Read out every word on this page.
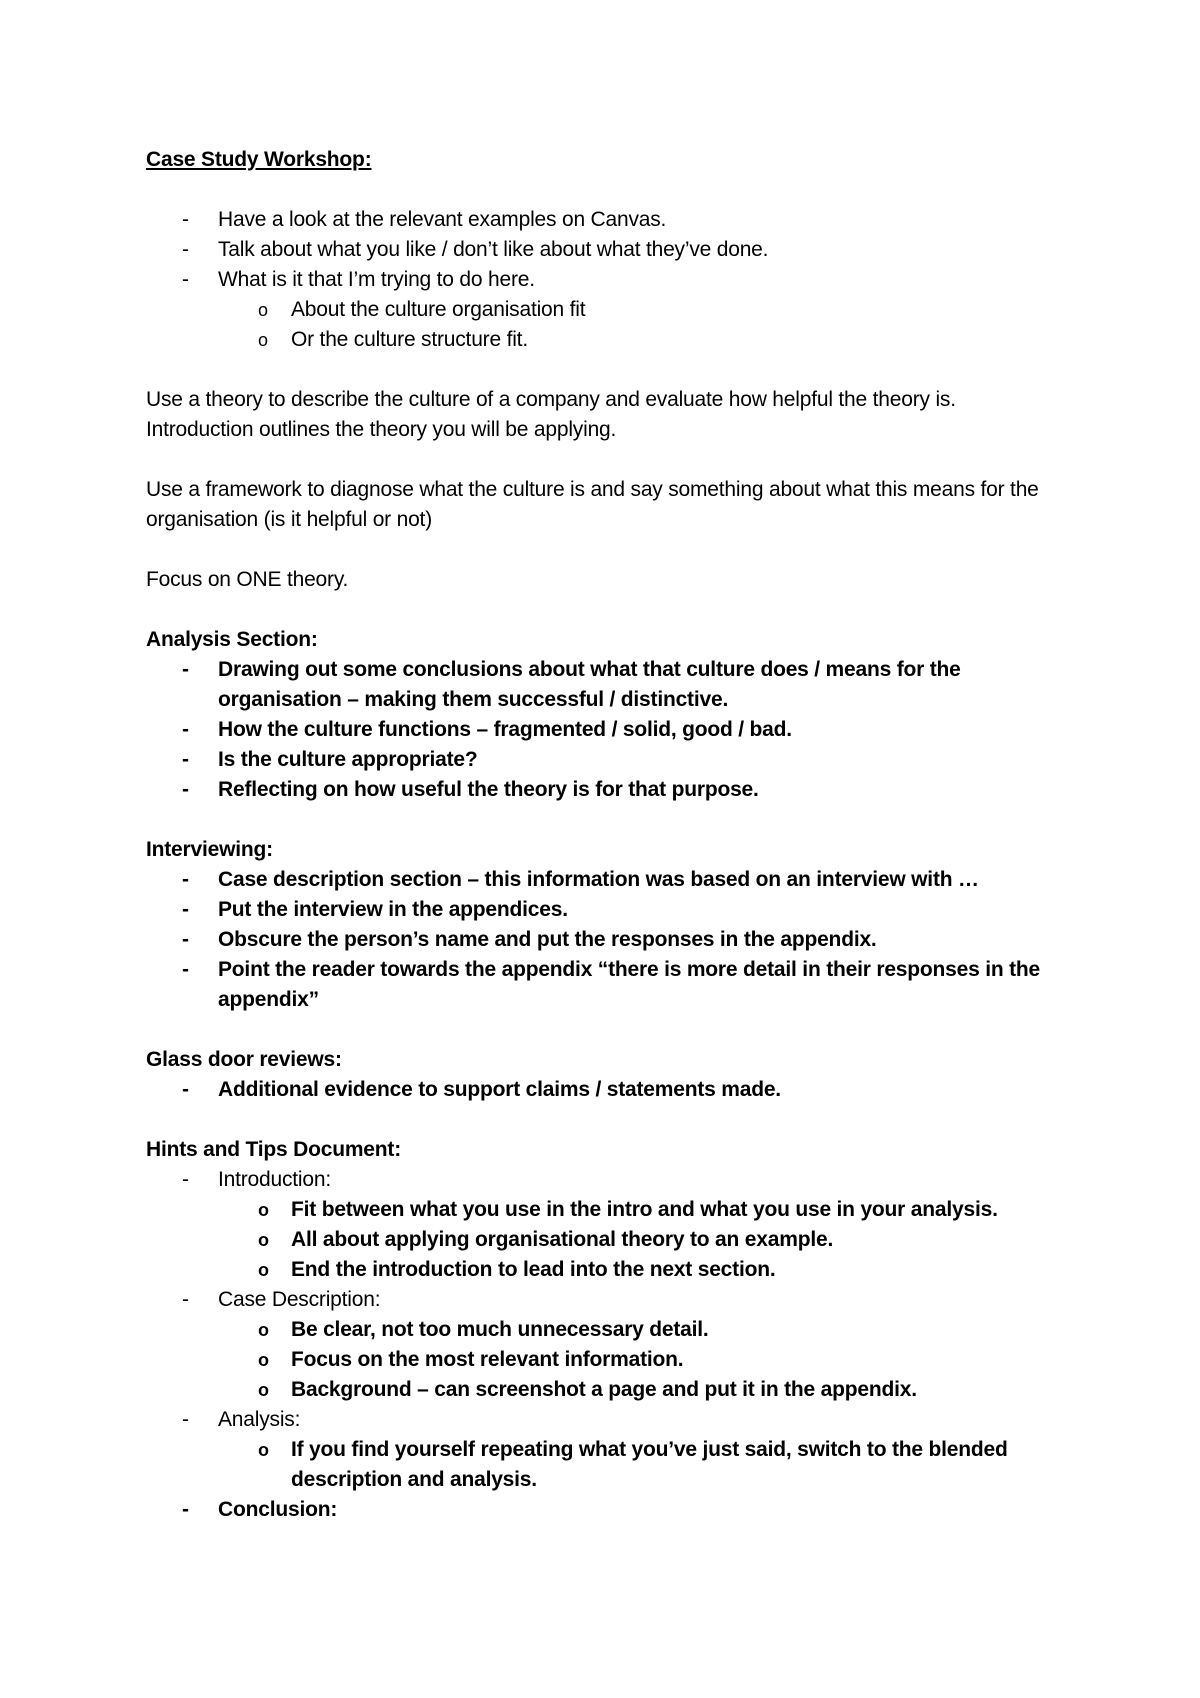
Case Study Workshop:

- Have a look at the relevant examples on Canvas.
- Talk about what you like / don’t like about what they’ve done.
- What is it that I’m trying to do here.
o About the culture organisation fit
o Or the culture structure fit.

Use a theory to describe the culture of a company and evaluate how helpful the theory is.

Introduction outlines the theory you will be applying.

Use a framework to diagnose what the culture is and say something about what this means for the organisation (is it helpful or not)

Focus on ONE theory.

Analysis Section:

- Drawing out some conclusions about what that culture does / means for the organisation – making them successful / distinctive.
- How the culture functions – fragmented / solid, good / bad.
- Is the culture appropriate?
- Reflecting on how useful the theory is for that purpose.

Interviewing:

- Case description section – this information was based on an interview with …
- Put the interview in the appendices.
- Obscure the person’s name and put the responses in the appendix.
- Point the reader towards the appendix “there is more detail in their responses in the appendix”

Glass door reviews:

- Additional evidence to support claims / statements made.

Hints and Tips Document:

- Introduction:
o Fit between what you use in the intro and what you use in your analysis.
o All about applying organisational theory to an example.
o End the introduction to lead into the next section.
- Case Description:
o Be clear, not too much unnecessary detail.
o Focus on the most relevant information.
o Background – can screenshot a page and put it in the appendix.
- Analysis:
o If you find yourself repeating what you’ve just said, switch to the blended description and analysis.
- Conclusion:
